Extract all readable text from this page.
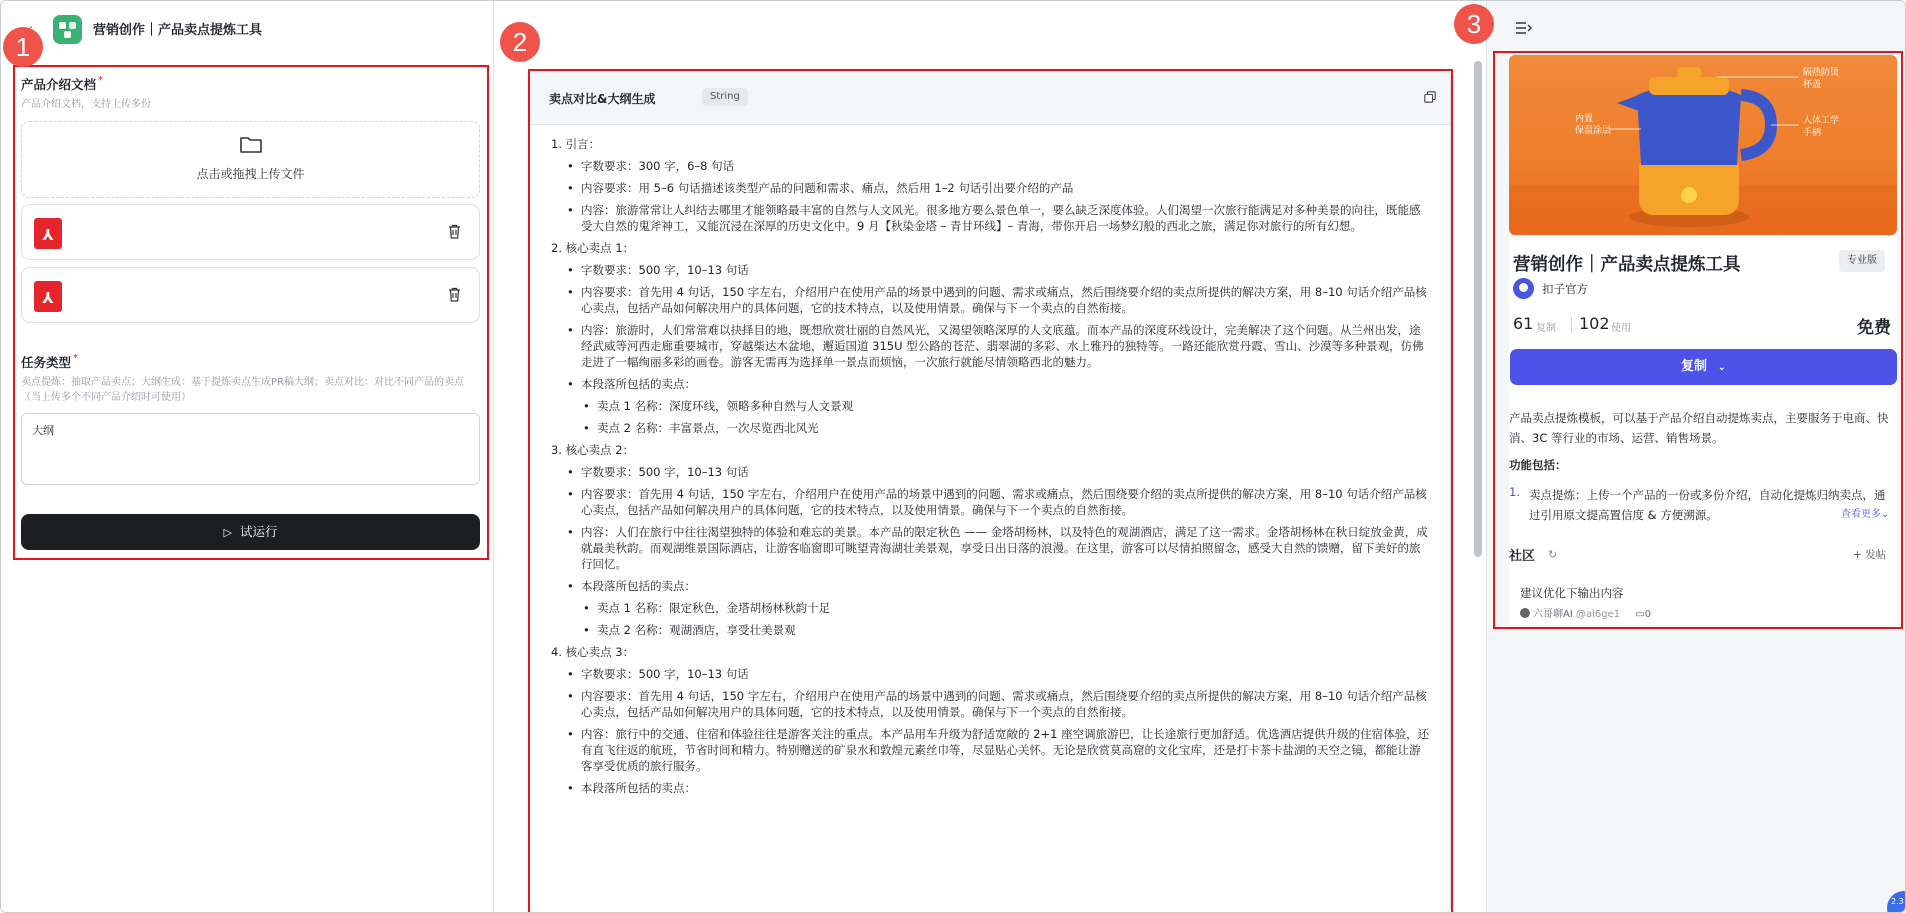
营销创作｜产品卖点提炼工具
1
产品介绍文档 *
产品介绍文档，支持上传多份
点击或拖拽上传文件
⅄
⅄
任务类型 *
卖点提炼：抽取产品卖点；大纲生成：基于提炼卖点生成PR稿大纲；卖点对比：对比不同产品的卖点（当上传多个不同产品介绍时可使用）
大纲
▷ 试运行
卖点对比&大纲生成	String
1. 引言：
• 字数要求：300 字，6–8 句话
• 内容要求：用 5–6 句话描述该类型产品的问题和需求、痛点，然后用 1–2 句话引出要介绍的产品
• 内容：旅游常常让人纠结去哪里才能领略最丰富的自然与人文风光。很多地方要么景色单一，要么缺乏深度体验。人们渴望一次旅行能满足对多种美景的向往，既能感受大自然的鬼斧神工，又能沉浸在深厚的历史文化中。9 月【秋染金塔 – 青甘环线】– 青海，带你开启一场梦幻般的西北之旅，满足你对旅行的所有幻想。
2. 核心卖点 1：
• 字数要求：500 字，10–13 句话
• 内容要求：首先用 4 句话，150 字左右，介绍用户在使用产品的场景中遇到的问题、需求或痛点，然后围绕要介绍的卖点所提供的解决方案，用 8–10 句话介绍产品核心卖点，包括产品如何解决用户的具体问题，它的技术特点，以及使用情景。确保与下一个卖点的自然衔接。
• 内容：旅游时，人们常常难以抉择目的地，既想欣赏壮丽的自然风光，又渴望领略深厚的人文底蕴。而本产品的深度环线设计，完美解决了这个问题。从兰州出发，途经武威等河西走廊重要城市，穿越柴达木盆地，邂逅国道 315U 型公路的苍茫、翡翠湖的多彩、水上雅丹的独特等。一路还能欣赏丹霞、雪山、沙漠等多种景观，仿佛走进了一幅绚丽多彩的画卷。游客无需再为选择单一景点而烦恼，一次旅行就能尽情领略西北的魅力。
• 本段落所包括的卖点：
• 卖点 1 名称：深度环线，领略多种自然与人文景观
• 卖点 2 名称：丰富景点，一次尽览西北风光
3. 核心卖点 2：
• 字数要求：500 字，10–13 句话
• 内容要求：首先用 4 句话，150 字左右，介绍用户在使用产品的场景中遇到的问题、需求或痛点，然后围绕要介绍的卖点所提供的解决方案，用 8–10 句话介绍产品核心卖点，包括产品如何解决用户的具体问题，它的技术特点，以及使用情景。确保与下一个卖点的自然衔接。
• 内容：人们在旅行中往往渴望独特的体验和难忘的美景。本产品的限定秋色 —— 金塔胡杨林，以及特色的观湖酒店，满足了这一需求。金塔胡杨林在秋日绽放金黄，成就最美秋韵。而观湖维景国际酒店，让游客临窗即可眺望青海湖壮美景观，享受日出日落的浪漫。在这里，游客可以尽情拍照留念，感受大自然的馈赠，留下美好的旅行回忆。
• 本段落所包括的卖点：
• 卖点 1 名称：限定秋色，金塔胡杨林秋韵十足
• 卖点 2 名称：观湖酒店，享受壮美景观
4. 核心卖点 3：
• 字数要求：500 字，10–13 句话
• 内容要求：首先用 4 句话，150 字左右，介绍用户在使用产品的场景中遇到的问题、需求或痛点，然后围绕要介绍的卖点所提供的解决方案，用 8–10 句话介绍产品核心卖点，包括产品如何解决用户的具体问题，它的技术特点，以及使用情景。确保与下一个卖点的自然衔接。
• 内容：旅行中的交通、住宿和体验往往是游客关注的重点。本产品用车升级为舒适宽敞的 2+1 座空调旅游巴，让长途旅行更加舒适。优选酒店提供升级的住宿体验，还有直飞往返的航班，节省时间和精力。特别赠送的矿泉水和敦煌元素丝巾等，尽显贴心关怀。无论是欣赏莫高窟的文化宝库，还是打卡茶卡盐湖的天空之镜，都能让游客享受优质的旅行服务。
• 本段落所包括的卖点：
2
3
隔热防烫杯盖
人体工学手柄
内置保温涂层
营销创作｜产品卖点提炼工具	专业版
扣子官方
61 复制 102 使用	免费
复制 ⌄
产品卖点提炼模板，可以基于产品介绍自动提炼卖点，主要服务于电商、快消、3C 等行业的市场、运营、销售场景。
功能包括：
1. 卖点提炼：上传一个产品的一份或多份介绍，自动化提炼归纳卖点，通过引用原文提高置信度 & 方便溯源。	查看更多⌄
社区 ↻	+ 发帖
建议优化下输出内容
六哥聊AI @ai6ge1 ▭0
2.3
